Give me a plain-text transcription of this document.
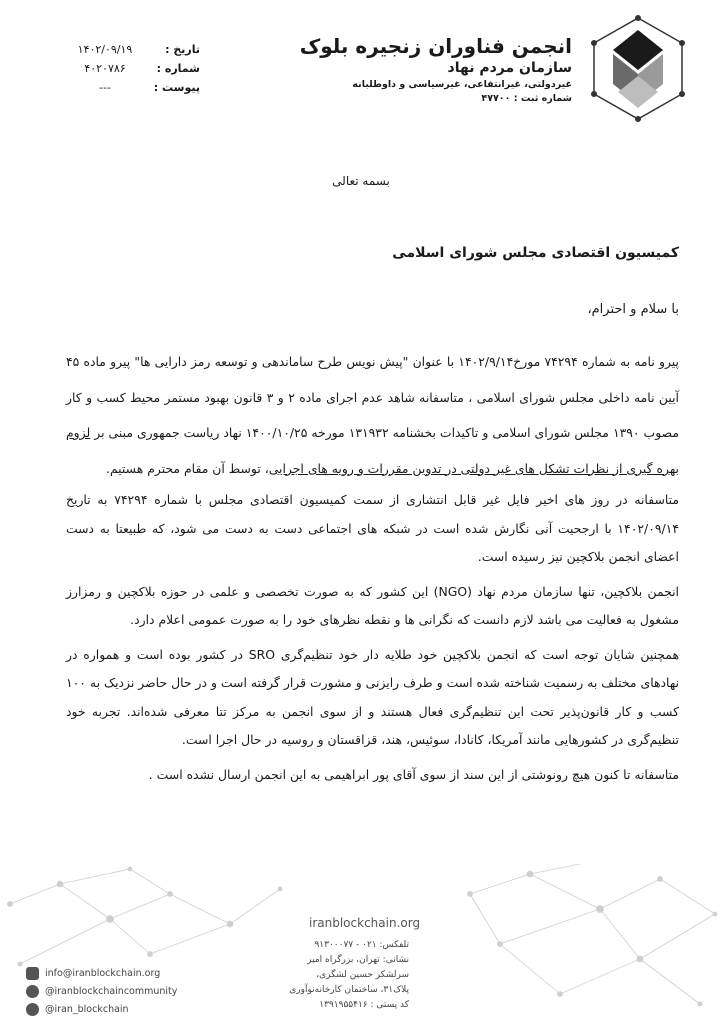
انجمن فناوران زنجیره بلوک
سازمان مردم نهاد
غیردولتی، غیرانتفاعی، غیرسیاسی و داوطلبانه
شماره ثبت : ۴۷۷۰۰
تاریخ :
۱۴۰۲/۰۹/۱۹
شماره :
۴۰۲۰۷۸۶
پیوست :
---
بسمه تعالی
کمیسیون اقتصادی مجلس شورای اسلامی
با سلام و احترام،

پیرو نامه به شماره ۷۴۲۹۴ مورخ۱۴۰۲/۹/۱۴ با عنوان "پیش نویس طرح ساماندهی و توسعه رمز دارایی ها" پیرو ماده ۴۵ آیین نامه داخلی مجلس شورای اسلامی ، متاسفانه شاهد عدم اجرای ماده ۲ و ۳ قانون بهبود مستمر محیط کسب و کار مصوب ۱۳۹۰ مجلس شورای اسلامی و تاکیدات بخشنامه ۱۳۱۹۳۲ مورخه ۱۴۰۰/۱۰/۲۵ نهاد ریاست جمهوری مبنی بر لزوم بهره گیری از نظرات تشکل های غیر دولتی در تدوین مقررات و رویه های اجرایی، توسط آن مقام محترم هستیم.

متاسفانه در روز های اخیر فایل غیر قابل انتشاری از سمت کمیسیون اقتصادی مجلس با شماره ۷۴۲۹۴ به تاریخ ۱۴۰۲/۰۹/۱۴ با ارجحیت آنی نگارش شده است در شبکه های اجتماعی دست به دست می شود، که طبیعتا به دست اعضای انجمن بلاکچین نیز رسیده است.

انجمن بلاکچین، تنها سازمان مردم نهاد (NGO) این کشور که به صورت تخصصی و علمی در حوزه بلاکچین و رمزارز مشغول به فعالیت می باشد لازم دانست که نگرانی ها و نقطه نظرهای خود را به صورت عمومی اعلام دارد.

همچنین شایان توجه است که انجمن بلاکچین خود طلایه دار خود تنظیم‌گری SRO در کشور بوده است و همواره در نهادهای مختلف به رسمیت شناخته شده است و طرف رایزنی و مشورت قرار گرفته است و در حال حاضر نزدیک به ۱۰۰ کسب و کار قانون‌پذیر تحت این تنظیم‌گری فعال هستند و از سوی انجمن به مرکز تتا معرفی شده‌اند. تجربه خود تنظیم‌گری در کشورهایی مانند آمریکا، کانادا، سوئیس، هند، قزاقستان و روسیه در حال اجرا است.

متاسفانه تا کنون هیچ رونوشتی از این سند از سوی آقای پور ابراهیمی به این انجمن ارسال نشده است .

iranblockchain.org
تلفکس: ۰۲۱ - ۹۱۳۰۰۰۷۷
نشانی: تهران، بزرگراه امیر
سرلشکر حسین لشگری،
پلاک۳۱، ساختمان کارخانه‌نوآوری
کد پستی : ۱۳۹۱۹۵۵۴۱۶
info@iranblockchain.org
@iranblockchaincommunity
@iran_blockchain
